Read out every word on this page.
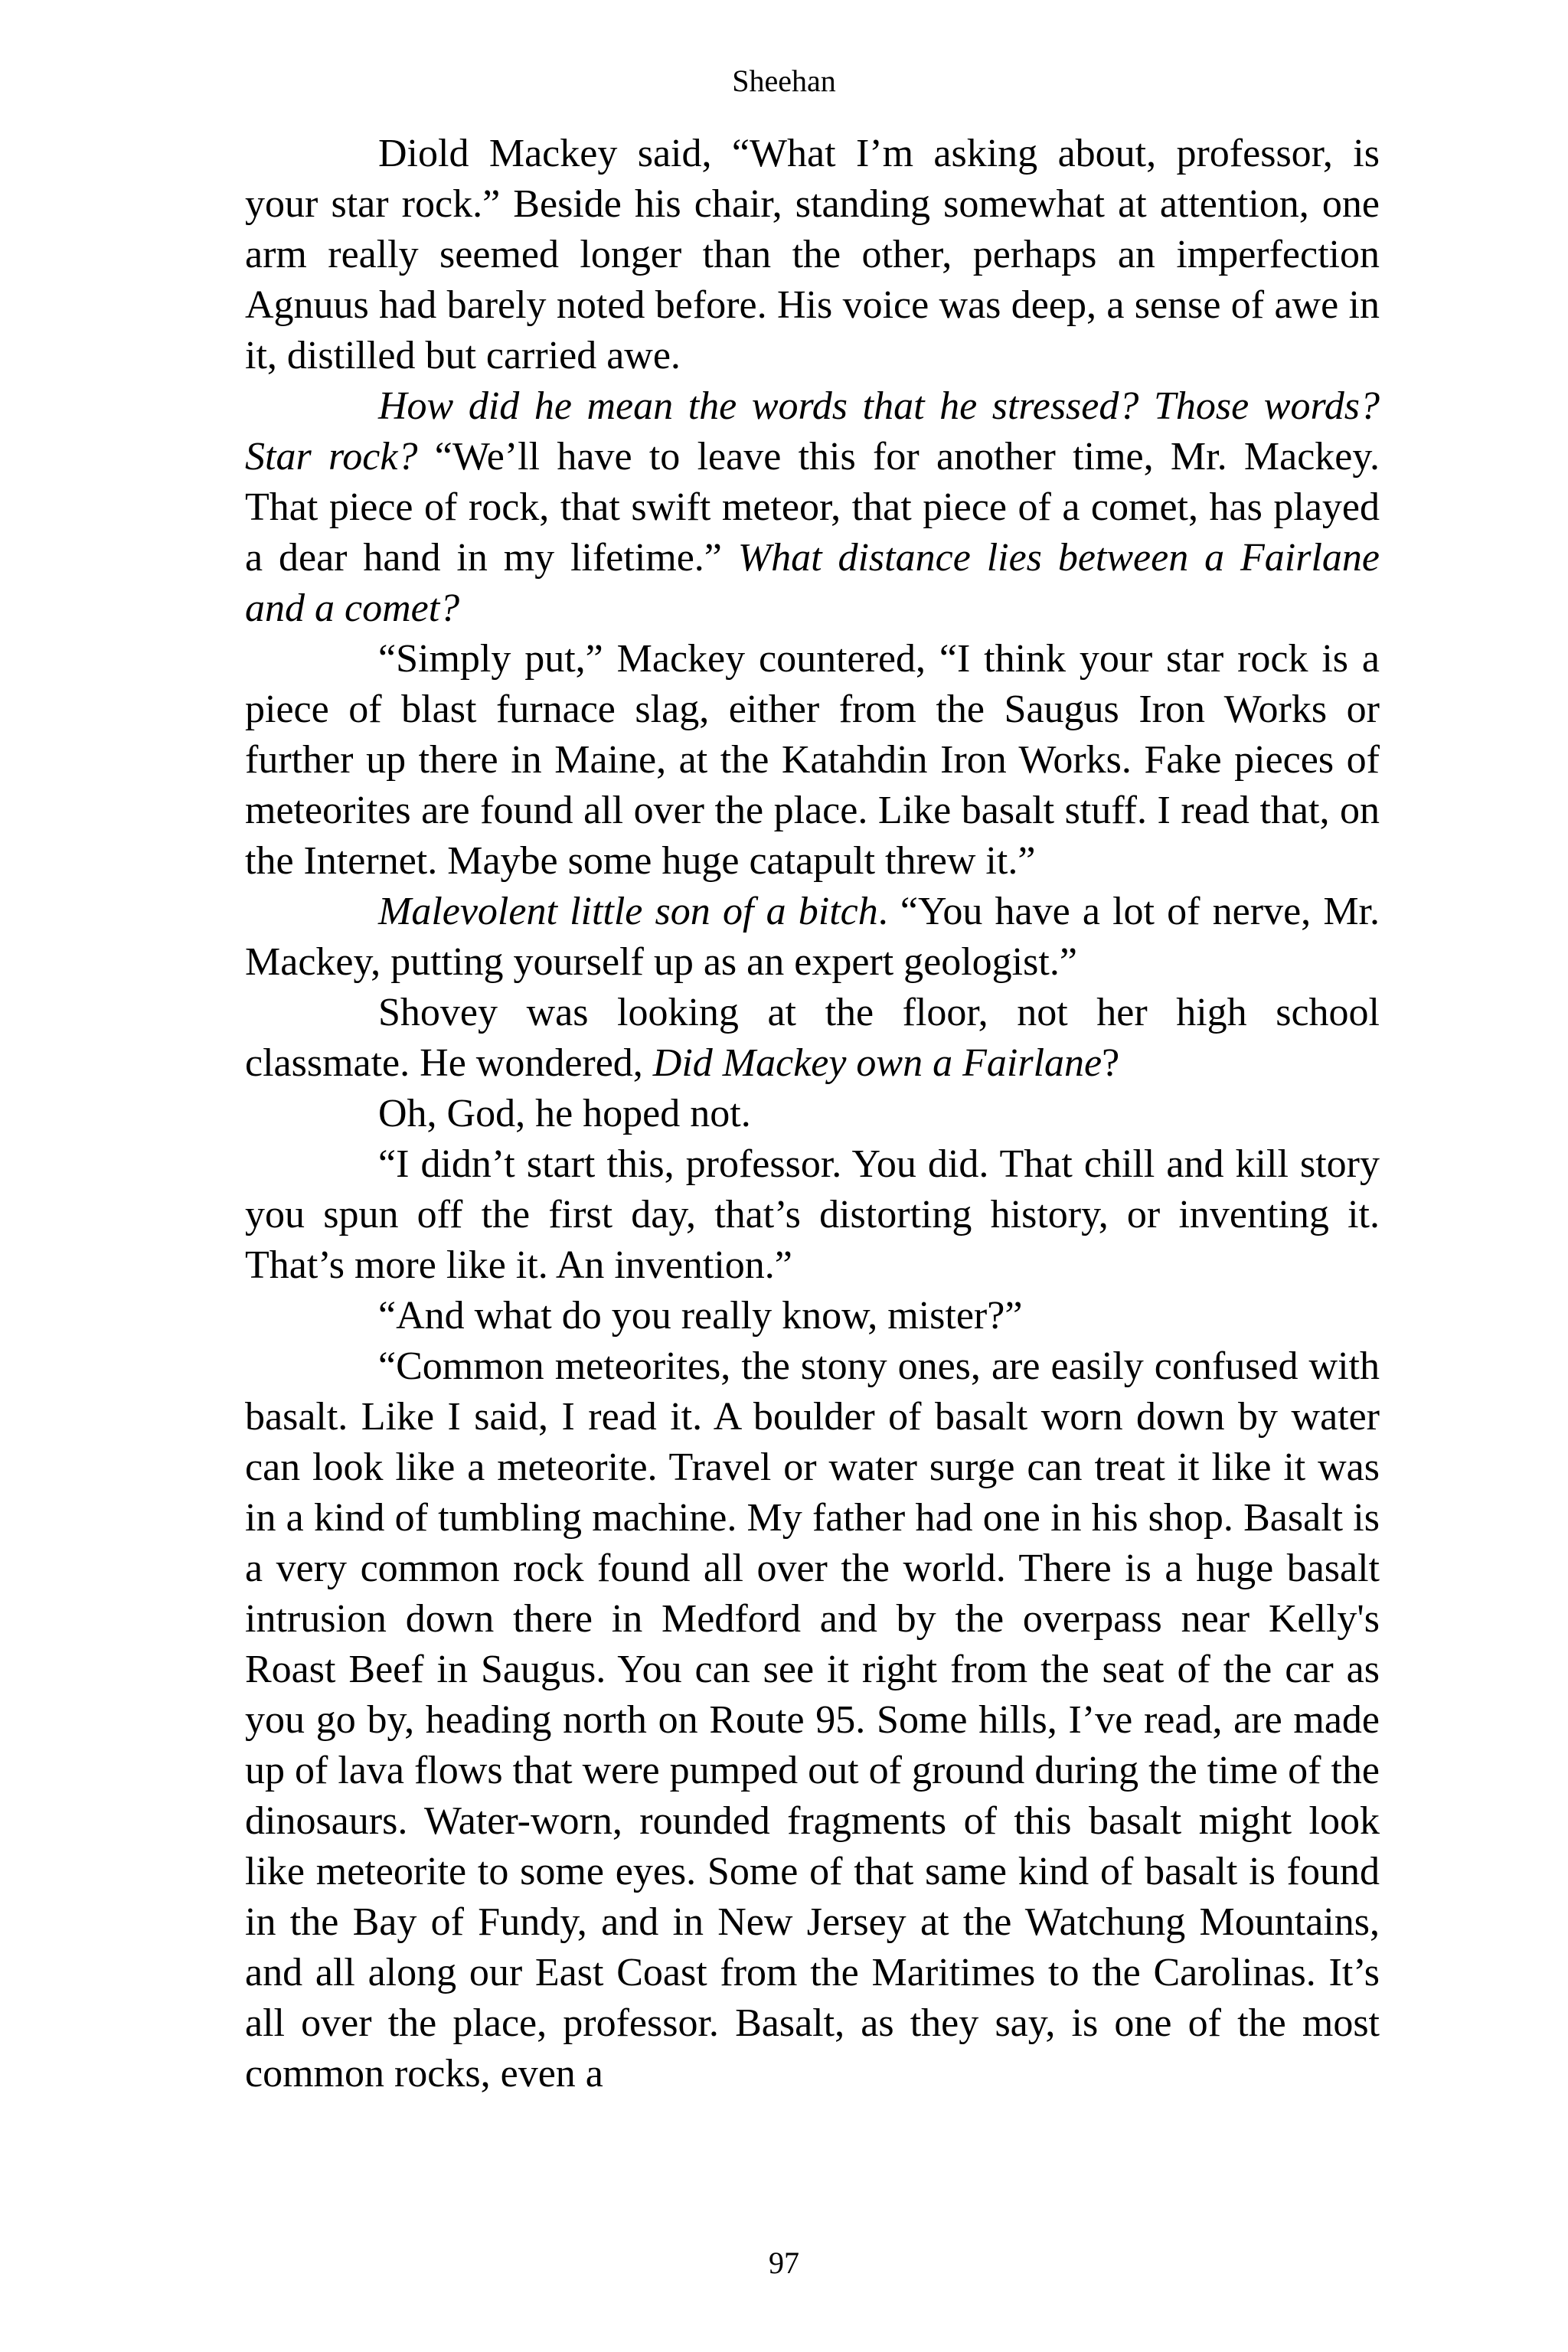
Sheehan

Diold Mackey said, “What I’m asking about, professor, is your star rock.” Beside his chair, standing somewhat at attention, one arm really seemed longer than the other, perhaps an imperfection Agnuus had barely noted before. His voice was deep, a sense of awe in it, distilled but carried awe.

How did he mean the words that he stressed? Those words? Star rock? “We’ll have to leave this for another time, Mr. Mackey. That piece of rock, that swift meteor, that piece of a comet, has played a dear hand in my lifetime.” What distance lies between a Fairlane and a comet?

“Simply put,” Mackey countered, “I think your star rock is a piece of blast furnace slag, either from the Saugus Iron Works or further up there in Maine, at the Katahdin Iron Works. Fake pieces of meteorites are found all over the place. Like basalt stuff. I read that, on the Internet. Maybe some huge catapult threw it.”

Malevolent little son of a bitch. “You have a lot of nerve, Mr. Mackey, putting yourself up as an expert geologist.”

Shovey was looking at the floor, not her high school classmate. He wondered, Did Mackey own a Fairlane?

Oh, God, he hoped not.

“I didn’t start this, professor. You did. That chill and kill story you spun off the first day, that’s distorting history, or inventing it. That’s more like it. An invention.”

“And what do you really know, mister?”

“Common meteorites, the stony ones, are easily confused with basalt. Like I said, I read it. A boulder of basalt worn down by water can look like a meteorite. Travel or water surge can treat it like it was in a kind of tumbling machine. My father had one in his shop. Basalt is a very common rock found all over the world. There is a huge basalt intrusion down there in Medford and by the overpass near Kelly's Roast Beef in Saugus. You can see it right from the seat of the car as you go by, heading north on Route 95. Some hills, I’ve read, are made up of lava flows that were pumped out of ground during the time of the dinosaurs. Water-worn, rounded fragments of this basalt might look like meteorite to some eyes. Some of that same kind of basalt is found in the Bay of Fundy, and in New Jersey at the Watchung Mountains, and all along our East Coast from the Maritimes to the Carolinas. It’s all over the place, professor. Basalt, as they say, is one of the most common rocks, even a

97
